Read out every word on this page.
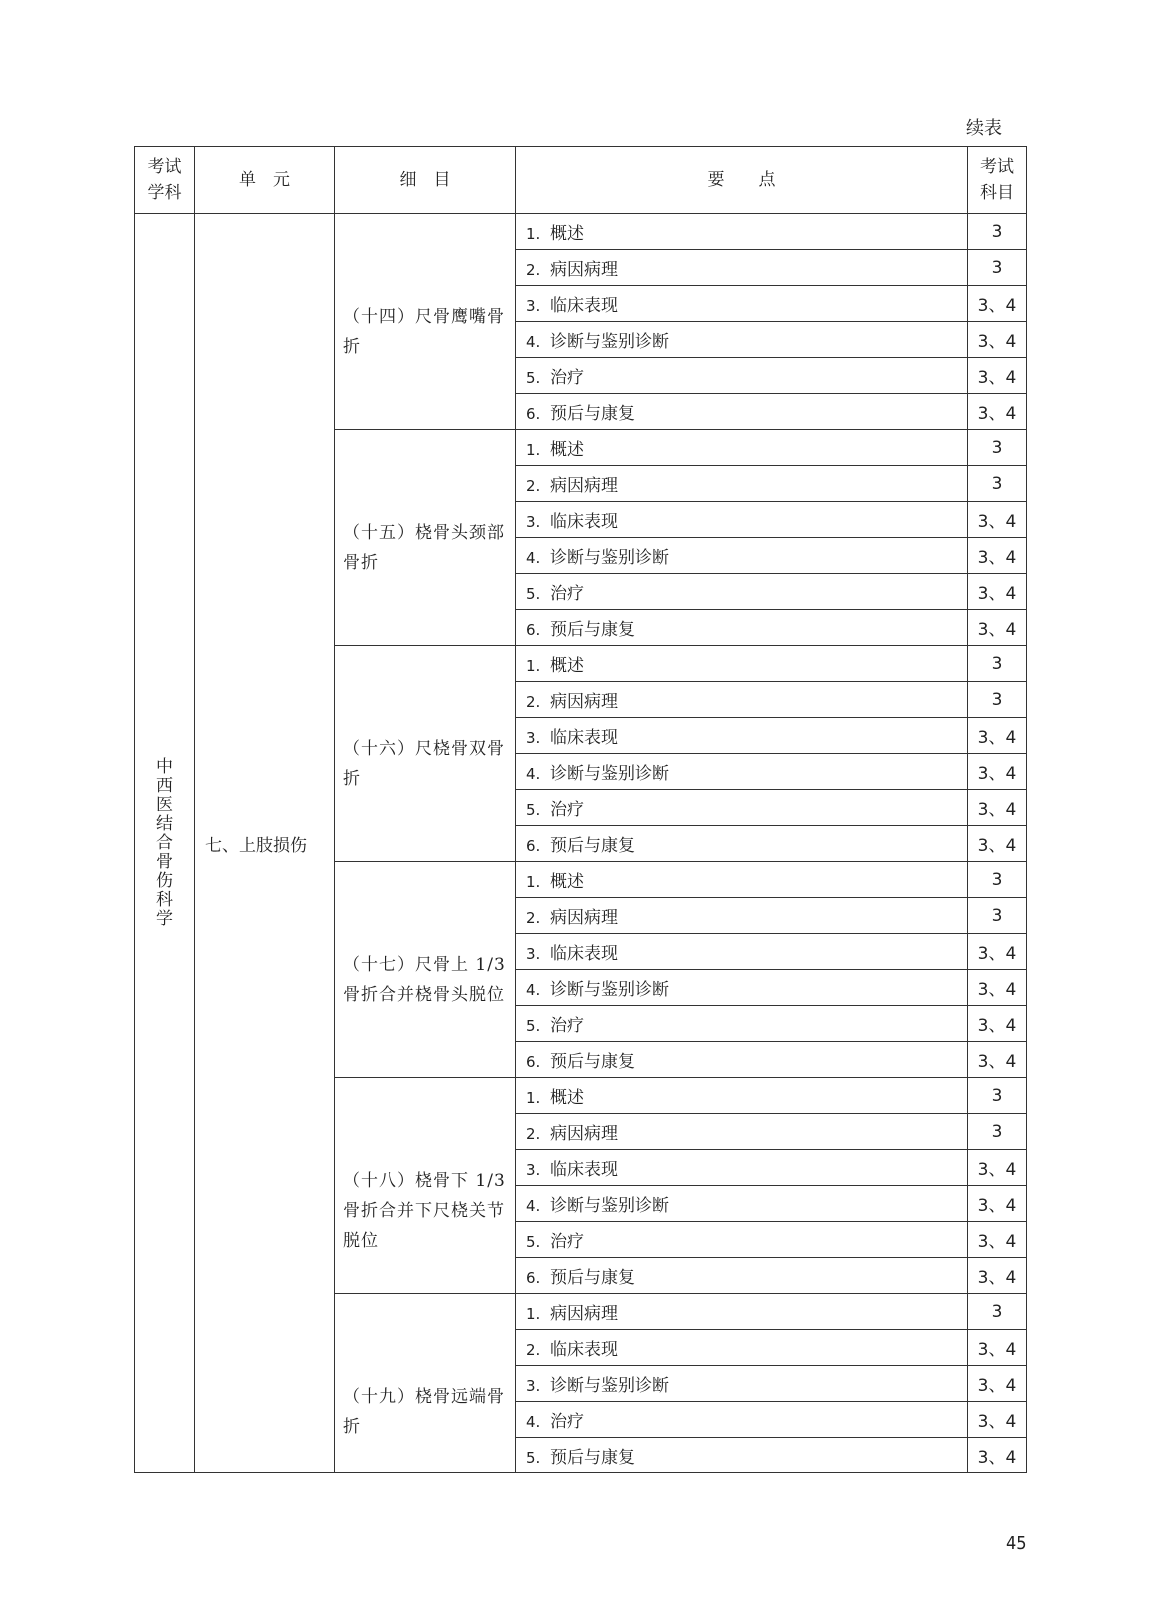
续表
考试学科	单　元	细　目	要　　点	考试科目

中西医结合骨伤科学	七、上肢损伤	（十四）尺骨鹰嘴骨折	1. 概述	3
			2. 病因病理	3
			3. 临床表现	3、4
			4. 诊断与鉴别诊断	3、4
			5. 治疗	3、4
			6. 预后与康复	3、4
		（十五）桡骨头颈部骨折	1. 概述	3
			2. 病因病理	3
			3. 临床表现	3、4
			4. 诊断与鉴别诊断	3、4
			5. 治疗	3、4
			6. 预后与康复	3、4
		（十六）尺桡骨双骨折	1. 概述	3
			2. 病因病理	3
			3. 临床表现	3、4
			4. 诊断与鉴别诊断	3、4
			5. 治疗	3、4
			6. 预后与康复	3、4
		（十七）尺骨上 1/3 骨折合并桡骨头脱位	1. 概述	3
			2. 病因病理	3
			3. 临床表现	3、4
			4. 诊断与鉴别诊断	3、4
			5. 治疗	3、4
			6. 预后与康复	3、4
		（十八）桡骨下 1/3 骨折合并下尺桡关节脱位	1. 概述	3
			2. 病因病理	3
			3. 临床表现	3、4
			4. 诊断与鉴别诊断	3、4
			5. 治疗	3、4
			6. 预后与康复	3、4
		（十九）桡骨远端骨折	1. 病因病理	3
			2. 临床表现	3、4
			3. 诊断与鉴别诊断	3、4
			4. 治疗	3、4
			5. 预后与康复	3、4
45
